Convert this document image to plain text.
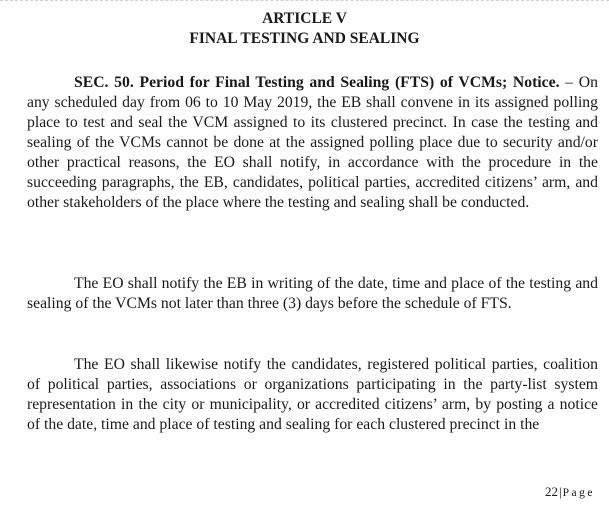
ARTICLE V
FINAL TESTING AND SEALING

SEC. 50. Period for Final Testing and Sealing (FTS) of VCMs; Notice. – On any scheduled day from 06 to 10 May 2019, the EB shall convene in its assigned polling place to test and seal the VCM assigned to its clustered precinct. In case the testing and sealing of the VCMs cannot be done at the assigned polling place due to security and/or other practical reasons, the EO shall notify, in accordance with the procedure in the succeeding paragraphs, the EB, candidates, political parties, accredited citizens’ arm, and other stakeholders of the place where the testing and sealing shall be conducted.

The EO shall notify the EB in writing of the date, time and place of the testing and sealing of the VCMs not later than three (3) days before the schedule of FTS.

The EO shall likewise notify the candidates, registered political parties, coalition of political parties, associations or organizations participating in the party-list system representation in the city or municipality, or accredited citizens’ arm, by posting a notice of the date, time and place of testing and sealing for each clustered precinct in the

22|Page
